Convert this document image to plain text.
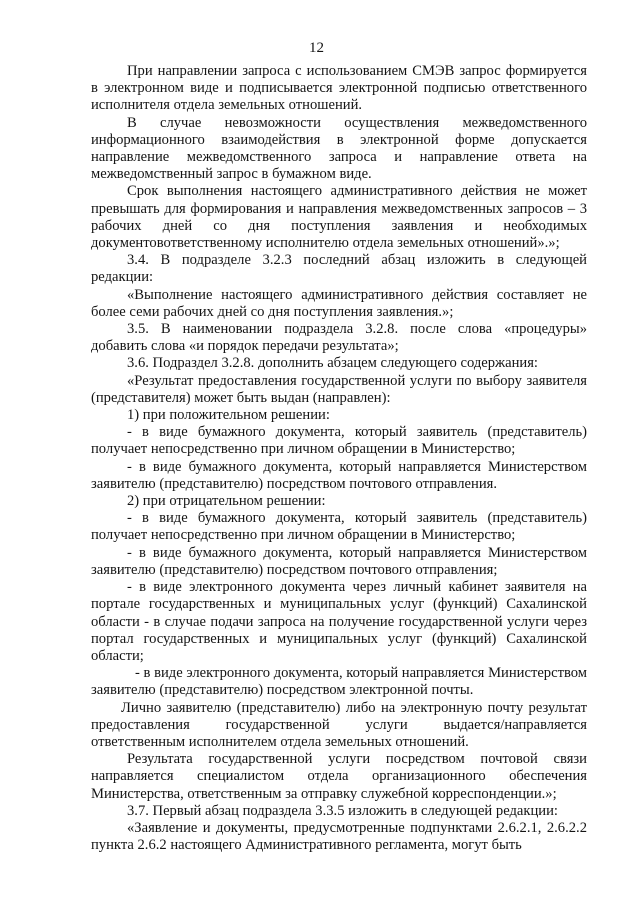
12

При направлении запроса с использованием СМЭВ запрос формируется в электронном виде и подписывается электронной подписью ответственного исполнителя отдела земельных отношений.

В случае невозможности осуществления межведомственного информационного взаимодействия в электронной форме допускается направление межведомственного запроса и направление ответа на межведомственный запрос в бумажном виде.

Срок выполнения настоящего административного действия не может превышать для формирования и направления межведомственных запросов – 3 рабочих дней со дня поступления заявления и необходимых документовответственному исполнителю отдела земельных отношений».»;

3.4. В подразделе 3.2.3 последний абзац изложить в следующей редакции:

«Выполнение настоящего административного действия составляет не более семи рабочих дней со дня поступления заявления.»;

3.5. В наименовании подраздела 3.2.8. после слова «процедуры» добавить слова «и порядок передачи результата»;

3.6. Подраздел 3.2.8. дополнить абзацем следующего содержания:

«Результат предоставления государственной услуги по выбору заявителя (представителя) может быть выдан (направлен):

1) при положительном решении:

- в виде бумажного документа, который заявитель (представитель) получает непосредственно при личном обращении в Министерство;

- в виде бумажного документа, который направляется Министерством заявителю (представителю) посредством почтового отправления.

2) при отрицательном решении:

- в виде бумажного документа, который заявитель (представитель) получает непосредственно при личном обращении в Министерство;

- в виде бумажного документа, который направляется Министерством заявителю (представителю) посредством почтового отправления;

- в виде электронного документа через личный кабинет заявителя на портале государственных и муниципальных услуг (функций) Сахалинской области - в случае подачи запроса на получение государственной услуги через портал государственных и муниципальных услуг (функций) Сахалинской области;

- в виде электронного документа, который направляется Министерством заявителю (представителю) посредством электронной почты.

Лично заявителю (представителю) либо на электронную почту результат предоставления государственной услуги выдается/направляется ответственным исполнителем отдела земельных отношений.

Результата государственной услуги посредством почтовой связи направляется специалистом отдела организационного обеспечения Министерства, ответственным за отправку служебной корреспонденции.»;

3.7. Первый абзац подраздела 3.3.5 изложить в следующей редакции:

«Заявление и документы, предусмотренные подпунктами 2.6.2.1, 2.6.2.2 пункта 2.6.2 настоящего Административного регламента, могут быть
